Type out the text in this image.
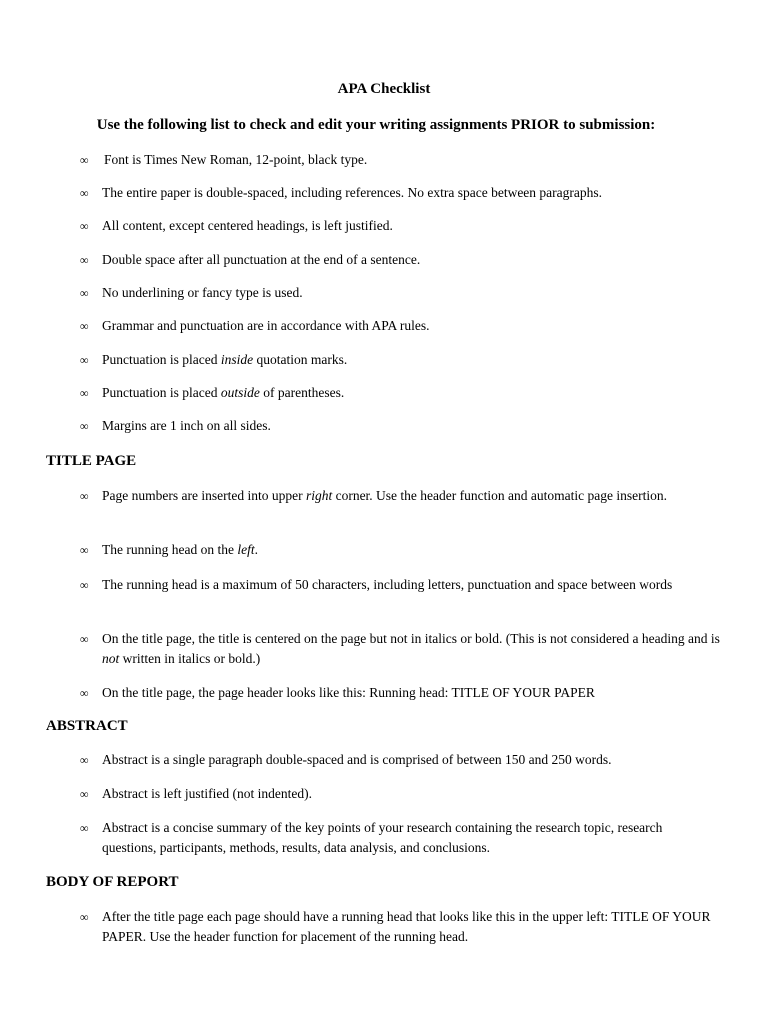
APA Checklist
Use the following list to check and edit your writing assignments PRIOR to submission:
∞	Font is Times New Roman, 12-point, black type.
∞ The entire paper is double-spaced, including references. No extra space between paragraphs.
∞ All content, except centered headings, is left justified.
∞ Double space after all punctuation at the end of a sentence.
∞ No underlining or fancy type is used.
∞ Grammar and punctuation are in accordance with APA rules.
∞ Punctuation is placed inside quotation marks.
∞ Punctuation is placed outside of parentheses.
∞ Margins are 1 inch on all sides.
TITLE PAGE
∞ Page numbers are inserted into upper right corner. Use the header function and automatic page insertion.
∞ The running head on the left.
∞ The running head is a maximum of 50 characters, including letters, punctuation and space between words
∞ On the title page, the title is centered on the page but not in italics or bold. (This is not considered a heading and is not written in italics or bold.)
∞ On the title page, the page header looks like this: Running head: TITLE OF YOUR PAPER
ABSTRACT
∞ Abstract is a single paragraph double-spaced and is comprised of between 150 and 250 words.
∞ Abstract is left justified (not indented).
∞ Abstract is a concise summary of the key points of your research containing the research topic, research questions, participants, methods, results, data analysis, and conclusions.
BODY OF REPORT
∞ After the title page each page should have a running head that looks like this in the upper left: TITLE OF YOUR PAPER. Use the header function for placement of the running head.
